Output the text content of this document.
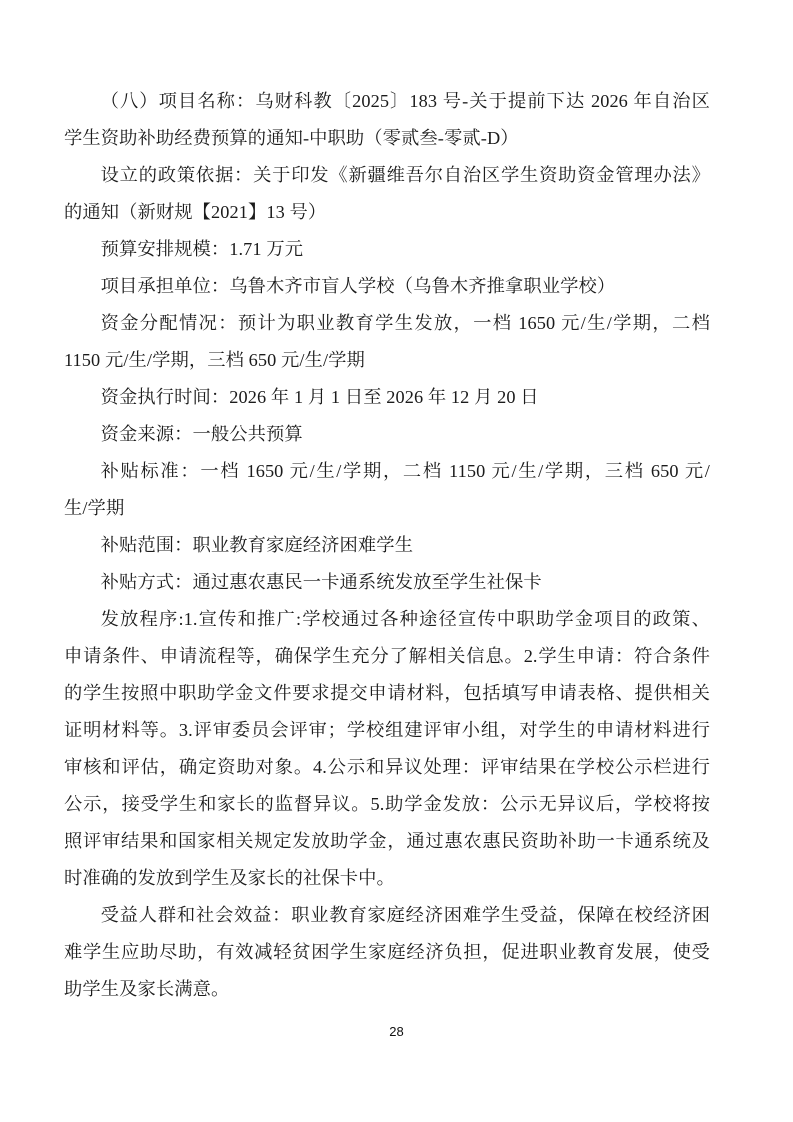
（八）项目名称：乌财科教〔2025〕183 号-关于提前下达 2026 年自治区
学生资助补助经费预算的通知-中职助（零贰叁-零贰-D）
设立的政策依据：关于印发《新疆维吾尔自治区学生资助资金管理办法》
的通知（新财规【2021】13 号）
预算安排规模：1.71 万元
项目承担单位：乌鲁木齐市盲人学校（乌鲁木齐推拿职业学校）
资金分配情况：预计为职业教育学生发放，一档 1650 元/生/学期，二档
1150 元/生/学期，三档 650 元/生/学期
资金执行时间：2026 年 1 月 1 日至 2026 年 12 月 20 日
资金来源：一般公共预算
补贴标准：一档 1650 元/生/学期，二档 1150 元/生/学期，三档 650 元/
生/学期
补贴范围：职业教育家庭经济困难学生
补贴方式：通过惠农惠民一卡通系统发放至学生社保卡
发放程序:1.宣传和推广:学校通过各种途径宣传中职助学金项目的政策、
申请条件、申请流程等，确保学生充分了解相关信息。2.学生申请：符合条件
的学生按照中职助学金文件要求提交申请材料，包括填写申请表格、提供相关
证明材料等。3.评审委员会评审；学校组建评审小组，对学生的申请材料进行
审核和评估，确定资助对象。4.公示和异议处理：评审结果在学校公示栏进行
公示，接受学生和家长的监督异议。5.助学金发放：公示无异议后，学校将按
照评审结果和国家相关规定发放助学金，通过惠农惠民资助补助一卡通系统及
时准确的发放到学生及家长的社保卡中。
受益人群和社会效益：职业教育家庭经济困难学生受益，保障在校经济困
难学生应助尽助，有效减轻贫困学生家庭经济负担，促进职业教育发展，使受
助学生及家长满意。
28
